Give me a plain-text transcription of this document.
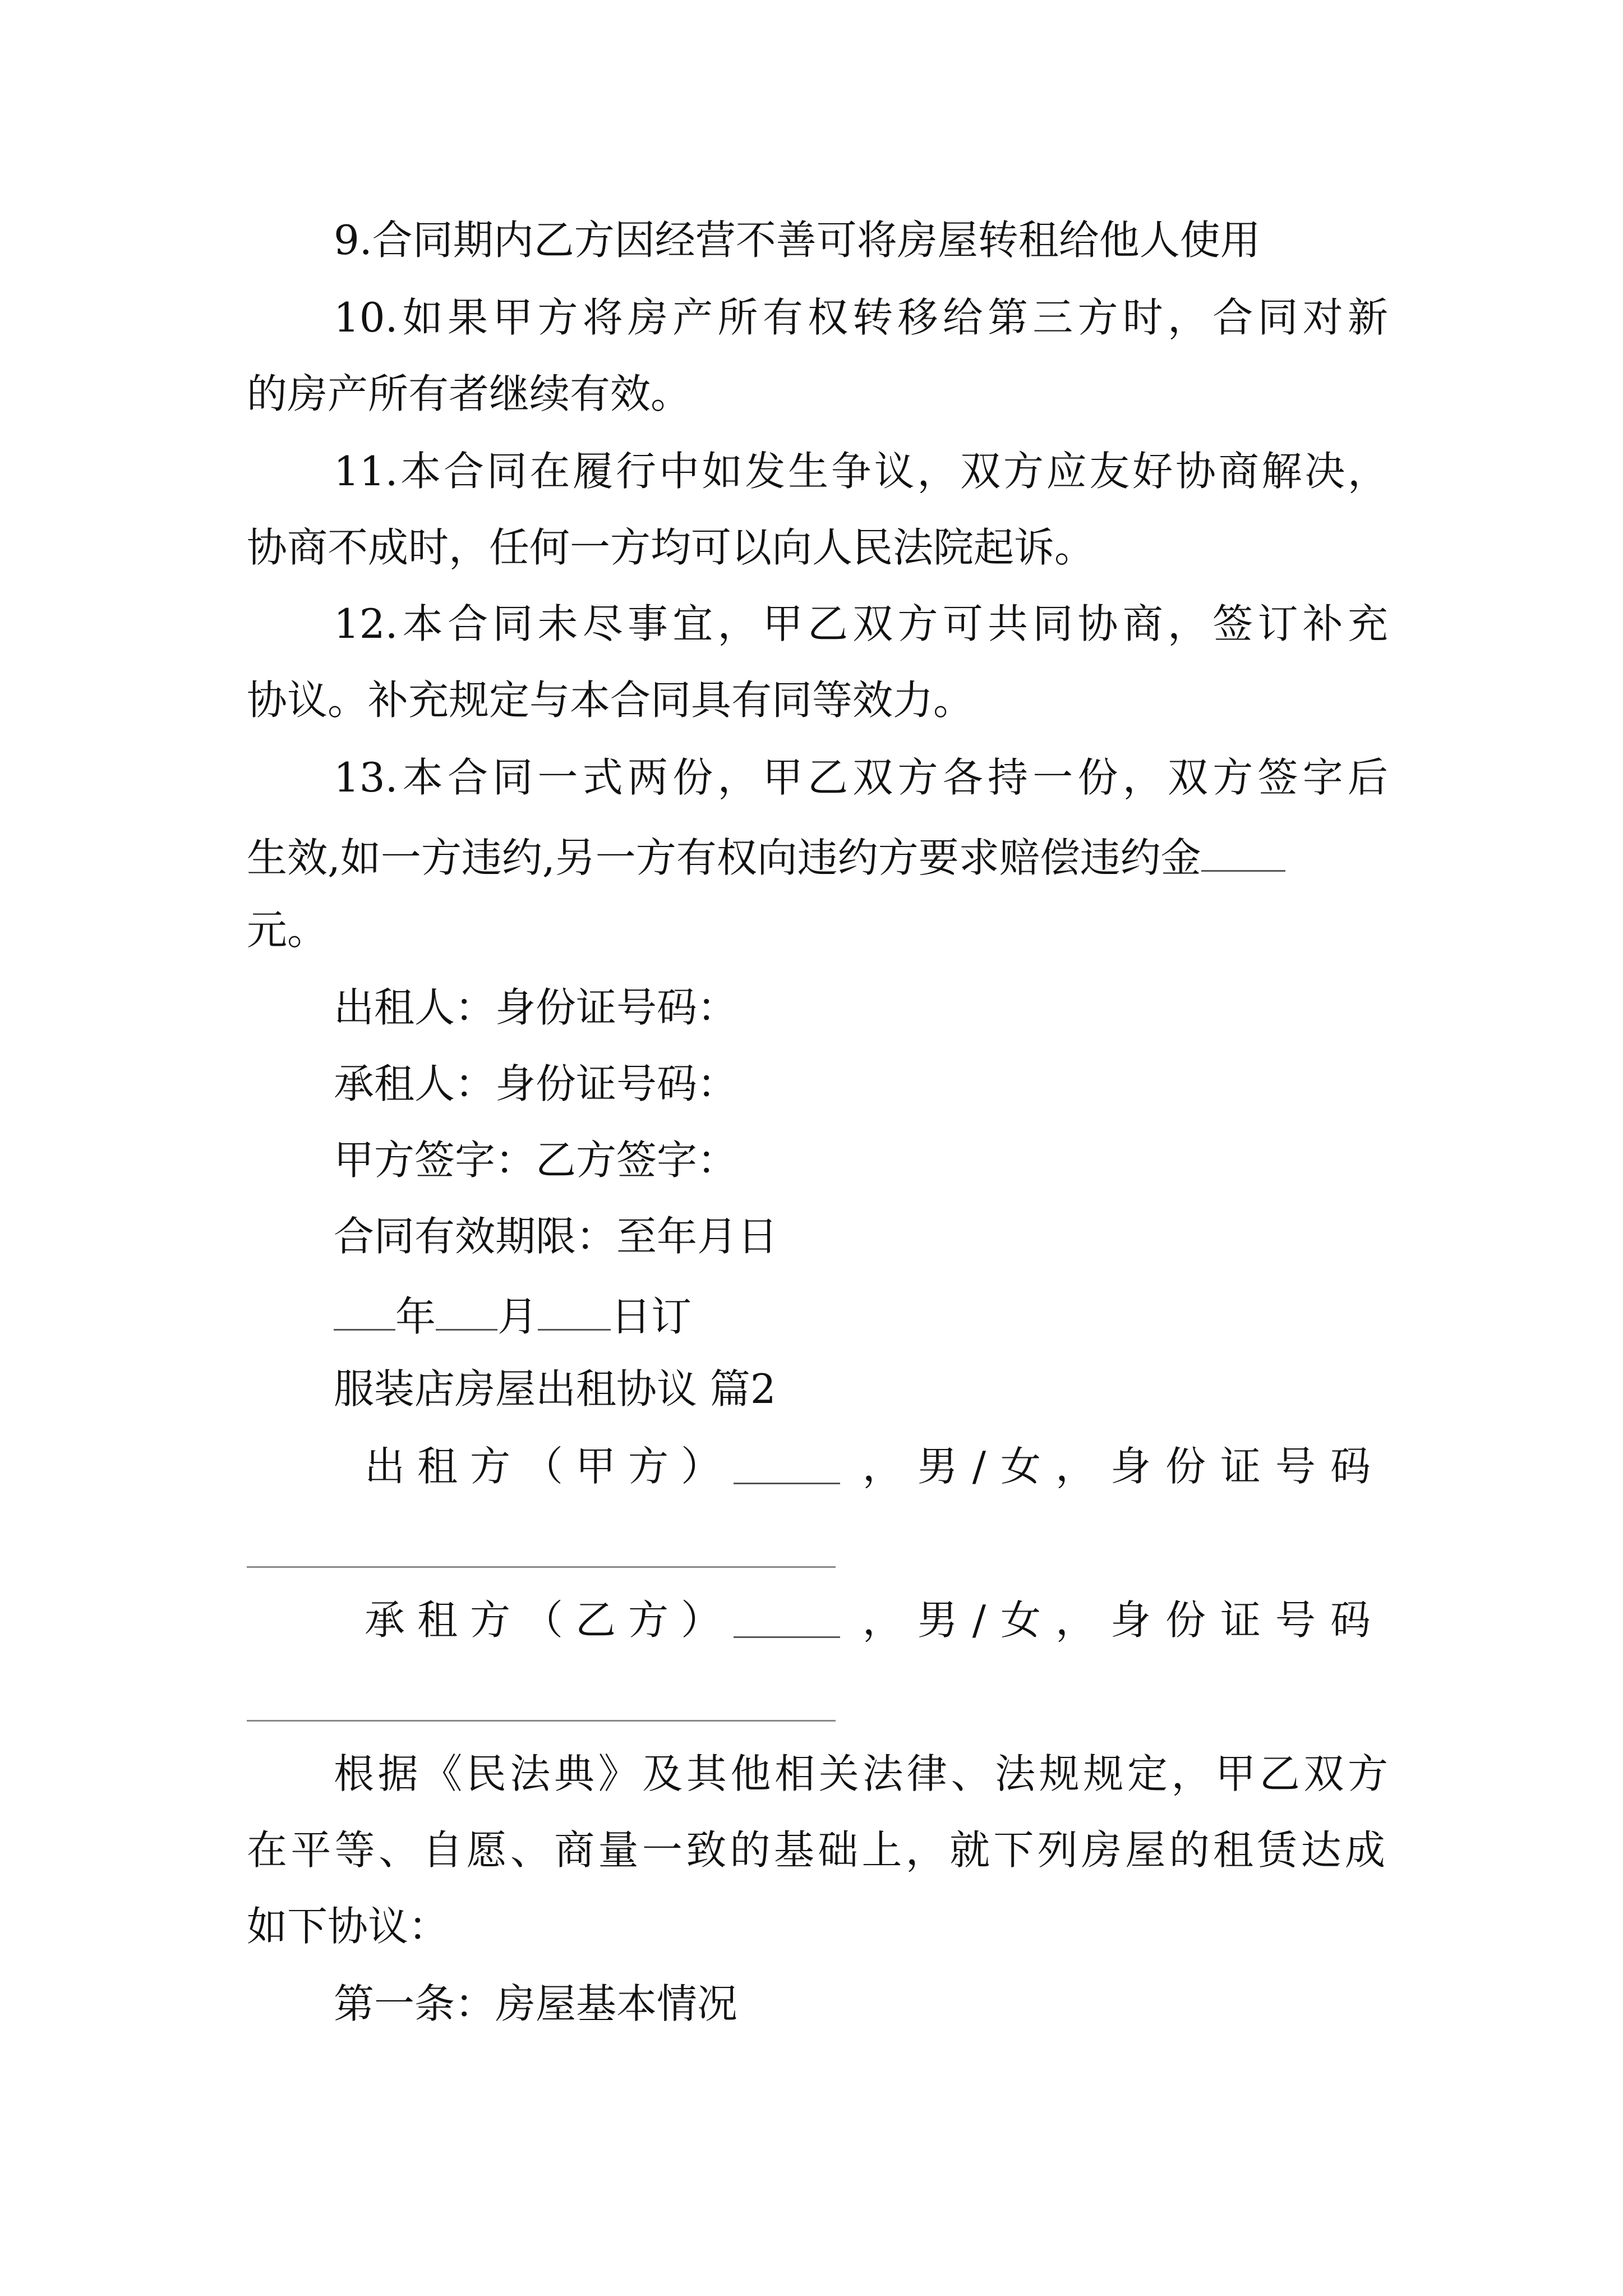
9.合同期内乙方因经营不善可将房屋转租给他人使用
10.如果甲方将房产所有权转移给第三方时，合同对新
的房产所有者继续有效。
11.本合同在履行中如发生争议，双方应友好协商解决，
协商不成时，任何一方均可以向人民法院起诉。
12.本合同未尽事宜，甲乙双方可共同协商，签订补充
协议。补充规定与本合同具有同等效力。
13.本合同一式两份，甲乙双方各持一份，双方签字后
生效,如一方违约,另一方有权向违约方要求赔偿违约金
元。
出租人：身份证号码：
承租人：身份证号码：
甲方签字：乙方签字：
合同有效期限：至年月日
年 月 日订
服装店房屋出租协议 篇2
出租方（甲方）	，男/女，身份证号码
承租方（乙方）	，男/女，身份证号码
根据《民法典》及其他相关法律、法规规定，甲乙双方
在平等、自愿、商量一致的基础上，就下列房屋的租赁达成
如下协议：
第一条：房屋基本情况
